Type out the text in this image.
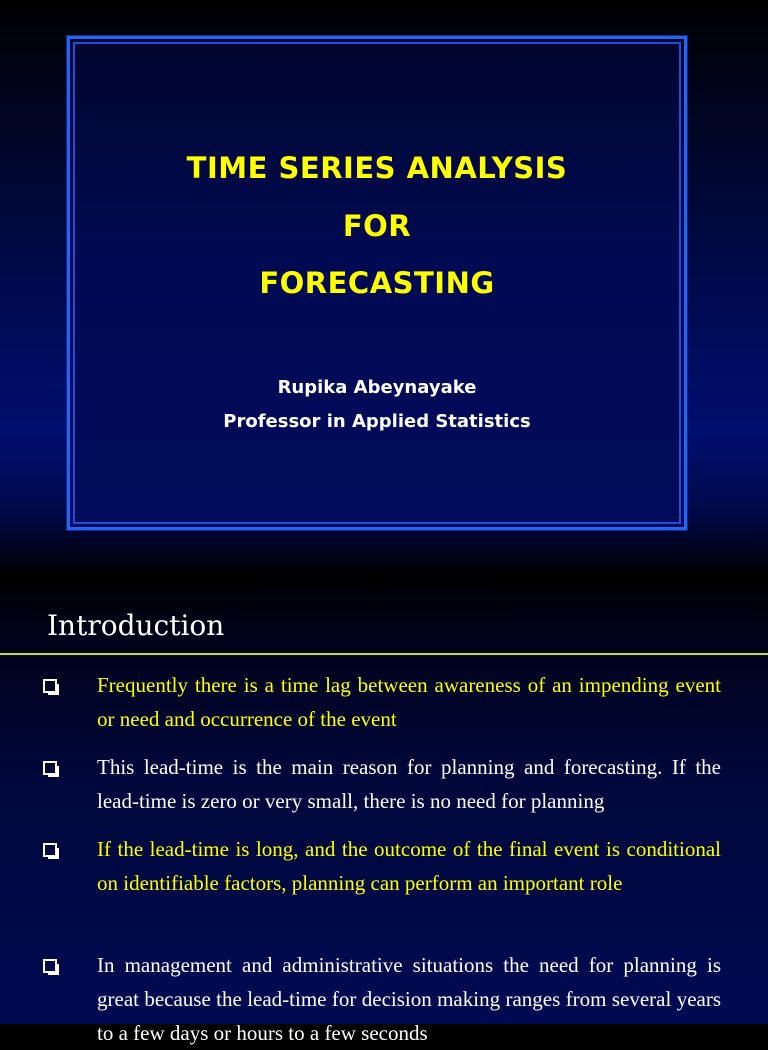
TIME SERIES ANALYSIS
FOR
FORECASTING

Rupika Abeynayake

Professor in Applied Statistics

Introduction

Frequently there is a time lag between awareness of an impending event or need and occurrence of the event

This lead-time is the main reason for planning and forecasting. If the lead-time is zero or very small, there is no need for planning

If the lead-time is long, and the outcome of the final event is conditional on identifiable factors, planning can perform an important role

In management and administrative situations the need for planning is great because the lead-time for decision making ranges from several years to a few days or hours to a few seconds
